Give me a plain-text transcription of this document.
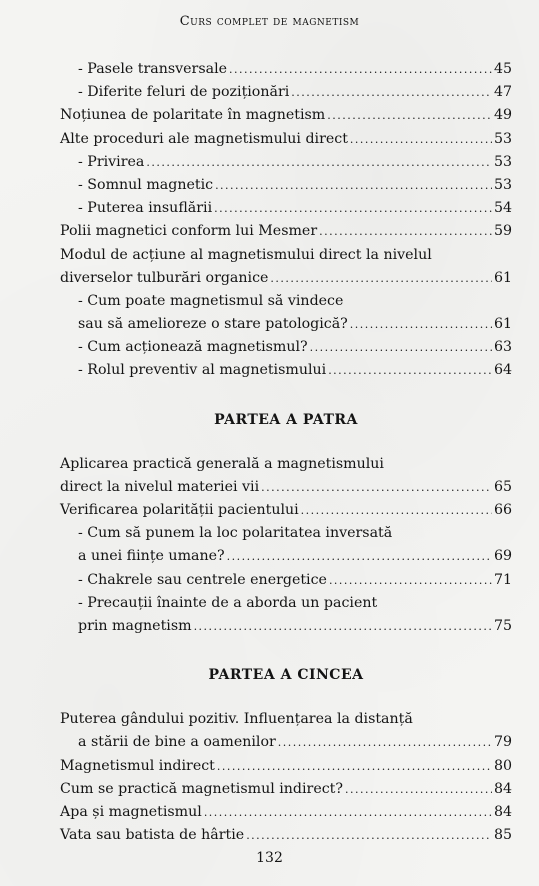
Curs complet de magnetism
- Pasele transversale .....	45
- Diferite feluri de poziționări .....	47
Noțiunea de polaritate în magnetism .....	49
Alte proceduri ale magnetismului direct .....	53
- Privirea .....	53
- Somnul magnetic .....	53
- Puterea insuflării .....	54
Polii magnetici conform lui Mesmer .....	59
Modul de acțiune al magnetismului direct la nivelul
diverselor tulburări organice .....	61
- Cum poate magnetismul să vindece
sau să amelioreze o stare patologică? .....	61
- Cum acționează magnetismul? .....	63
- Rolul preventiv al magnetismului .....	64
PARTEA A PATRA
Aplicarea practică generală a magnetismului
direct la nivelul materiei vii .....	65
Verificarea polarității pacientului .....	66
- Cum să punem la loc polaritatea inversată
a unei ființe umane? .....	69
- Chakrele sau centrele energetice .....	71
- Precauții înainte de a aborda un pacient
prin magnetism .....	75
PARTEA A CINCEA
Puterea gândului pozitiv. Influențarea la distanță
a stării de bine a oamenilor .....	79
Magnetismul indirect .....	80
Cum se practică magnetismul indirect? .....	84
Apa și magnetismul .....	84
Vata sau batista de hârtie .....	85
132
